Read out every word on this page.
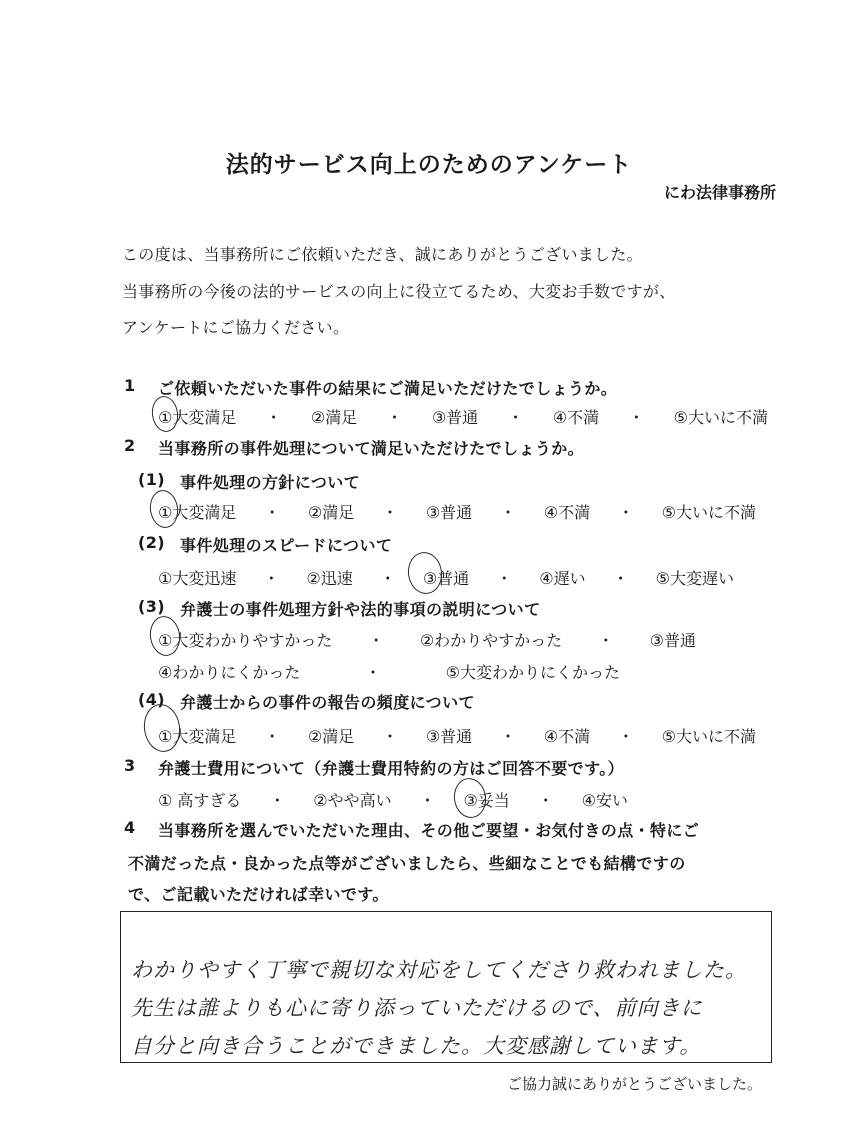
法的サービス向上のためのアンケート
にわ法律事務所
この度は、当事務所にご依頼いただき、誠にありがとうございました。
当事務所の今後の法的サービスの向上に役立てるため、大変お手数ですが、
アンケートにご協力ください。
1 ご依頼いただいた事件の結果にご満足いただけたでしょうか。
①大変満足 ・ ②満足 ・ ③普通 ・ ④不満 ・ ⑤大いに不満
2 当事務所の事件処理について満足いただけたでしょうか。
(1) 事件処理の方針について
①大変満足 ・ ②満足 ・ ③普通 ・ ④不満 ・ ⑤大いに不満
(2) 事件処理のスピードについて
①大変迅速 ・ ②迅速 ・ ③普通 ・ ④遅い ・ ⑤大変遅い
(3) 弁護士の事件処理方針や法的事項の説明について
①大変わかりやすかった ・ ②わかりやすかった ・ ③普通
④わかりにくかった	・	⑤大変わかりにくかった
(4) 弁護士からの事件の報告の頻度について
①大変満足 ・ ②満足 ・ ③普通 ・ ④不満 ・ ⑤大いに不満
3 弁護士費用について（弁護士費用特約の方はご回答不要です。）
① 高すぎる ・ ②やや高い ・ ③妥当 ・ ④安い
4 当事務所を選んでいただいた理由、その他ご要望・お気付きの点・特にご
不満だった点・良かった点等がございましたら、些細なことでも結構ですの
で、ご記載いただければ幸いです。
わかりやすく丁寧で親切な対応をしてくださり救われました。
先生は誰よりも心に寄り添っていただけるので、前向きに
自分と向き合うことができました。大変感謝しています。
ご協力誠にありがとうございました。
